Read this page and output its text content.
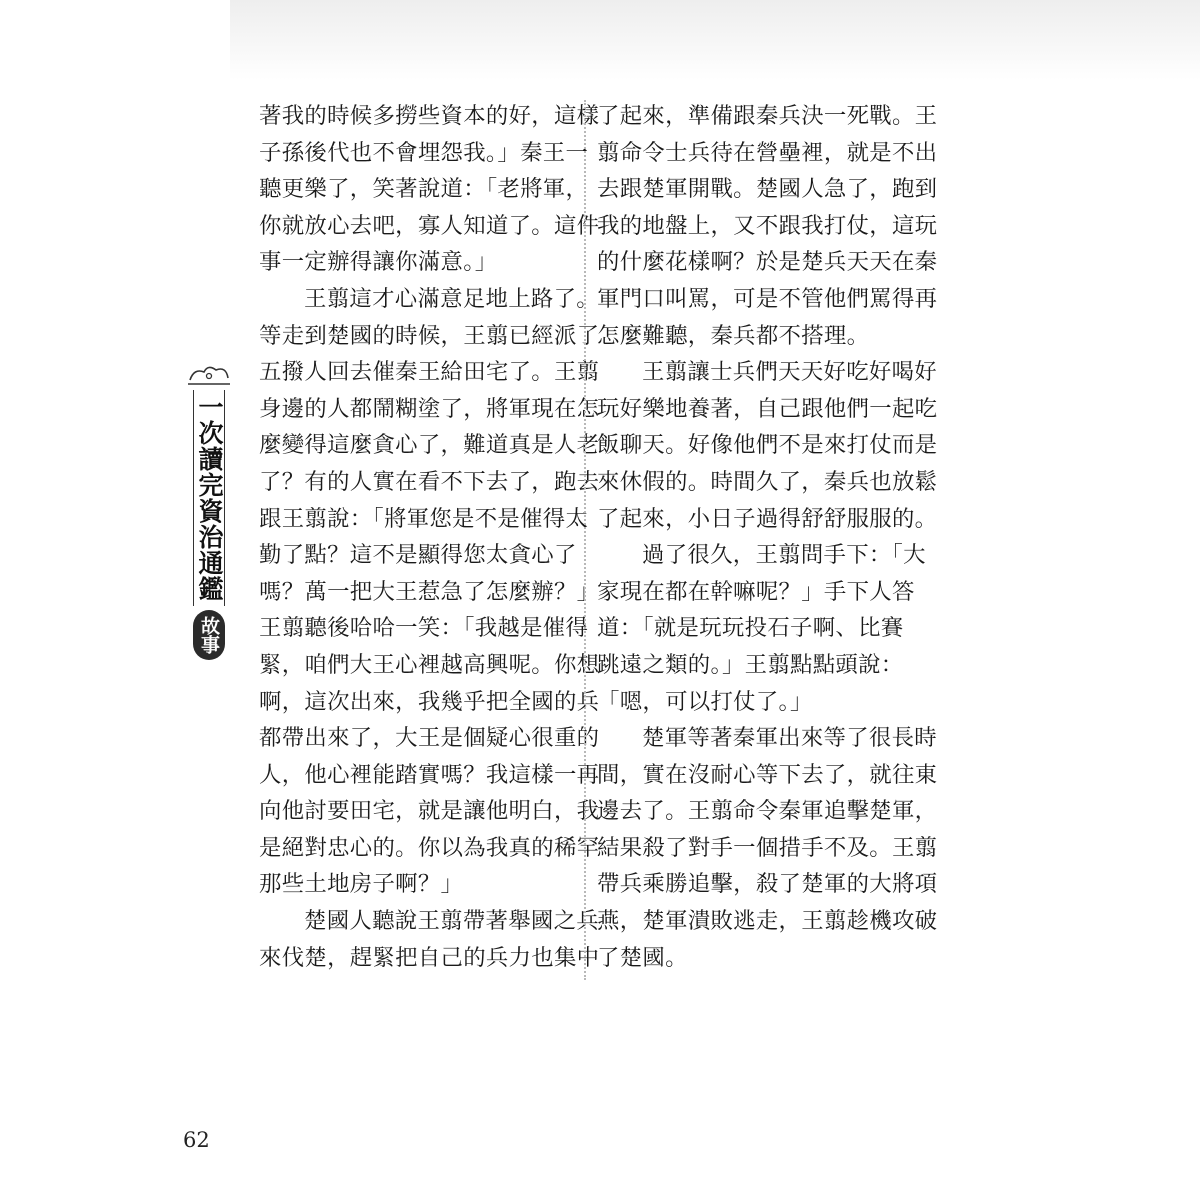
一次讀完資治通鑑
故事
著我的時候多撈些資本的好，這樣
子孫後代也不會埋怨我。」秦王一
聽更樂了，笑著說道：「老將軍，
你就放心去吧，寡人知道了。這件
事一定辦得讓你滿意。」
王翦這才心滿意足地上路了。
等走到楚國的時候，王翦已經派了
五撥人回去催秦王給田宅了。王翦
身邊的人都鬧糊塗了，將軍現在怎
麼變得這麼貪心了，難道真是人老
了？有的人實在看不下去了，跑去
跟王翦說：「將軍您是不是催得太
勤了點？這不是顯得您太貪心了
嗎？萬一把大王惹急了怎麼辦？」
王翦聽後哈哈一笑：「我越是催得
緊，咱們大王心裡越高興呢。你想
啊，這次出來，我幾乎把全國的兵
都帶出來了，大王是個疑心很重的
人，他心裡能踏實嗎？我這樣一再
向他討要田宅，就是讓他明白，我
是絕對忠心的。你以為我真的稀罕
那些土地房子啊？」
楚國人聽說王翦帶著舉國之兵
來伐楚，趕緊把自己的兵力也集中
了起來，準備跟秦兵決一死戰。王
翦命令士兵待在營壘裡，就是不出
去跟楚軍開戰。楚國人急了，跑到
我的地盤上，又不跟我打仗，這玩
的什麼花樣啊？於是楚兵天天在秦
軍門口叫罵，可是不管他們罵得再
怎麼難聽，秦兵都不搭理。
王翦讓士兵們天天好吃好喝好
玩好樂地養著，自己跟他們一起吃
飯聊天。好像他們不是來打仗而是
來休假的。時間久了，秦兵也放鬆
了起來，小日子過得舒舒服服的。
過了很久，王翦問手下：「大
家現在都在幹嘛呢？」手下人答
道：「就是玩玩投石子啊、比賽
跳遠之類的。」王翦點點頭說：
「嗯，可以打仗了。」
楚軍等著秦軍出來等了很長時
間，實在沒耐心等下去了，就往東
邊去了。王翦命令秦軍追擊楚軍，
結果殺了對手一個措手不及。王翦
帶兵乘勝追擊，殺了楚軍的大將項
燕，楚軍潰敗逃走，王翦趁機攻破
了楚國。
62
